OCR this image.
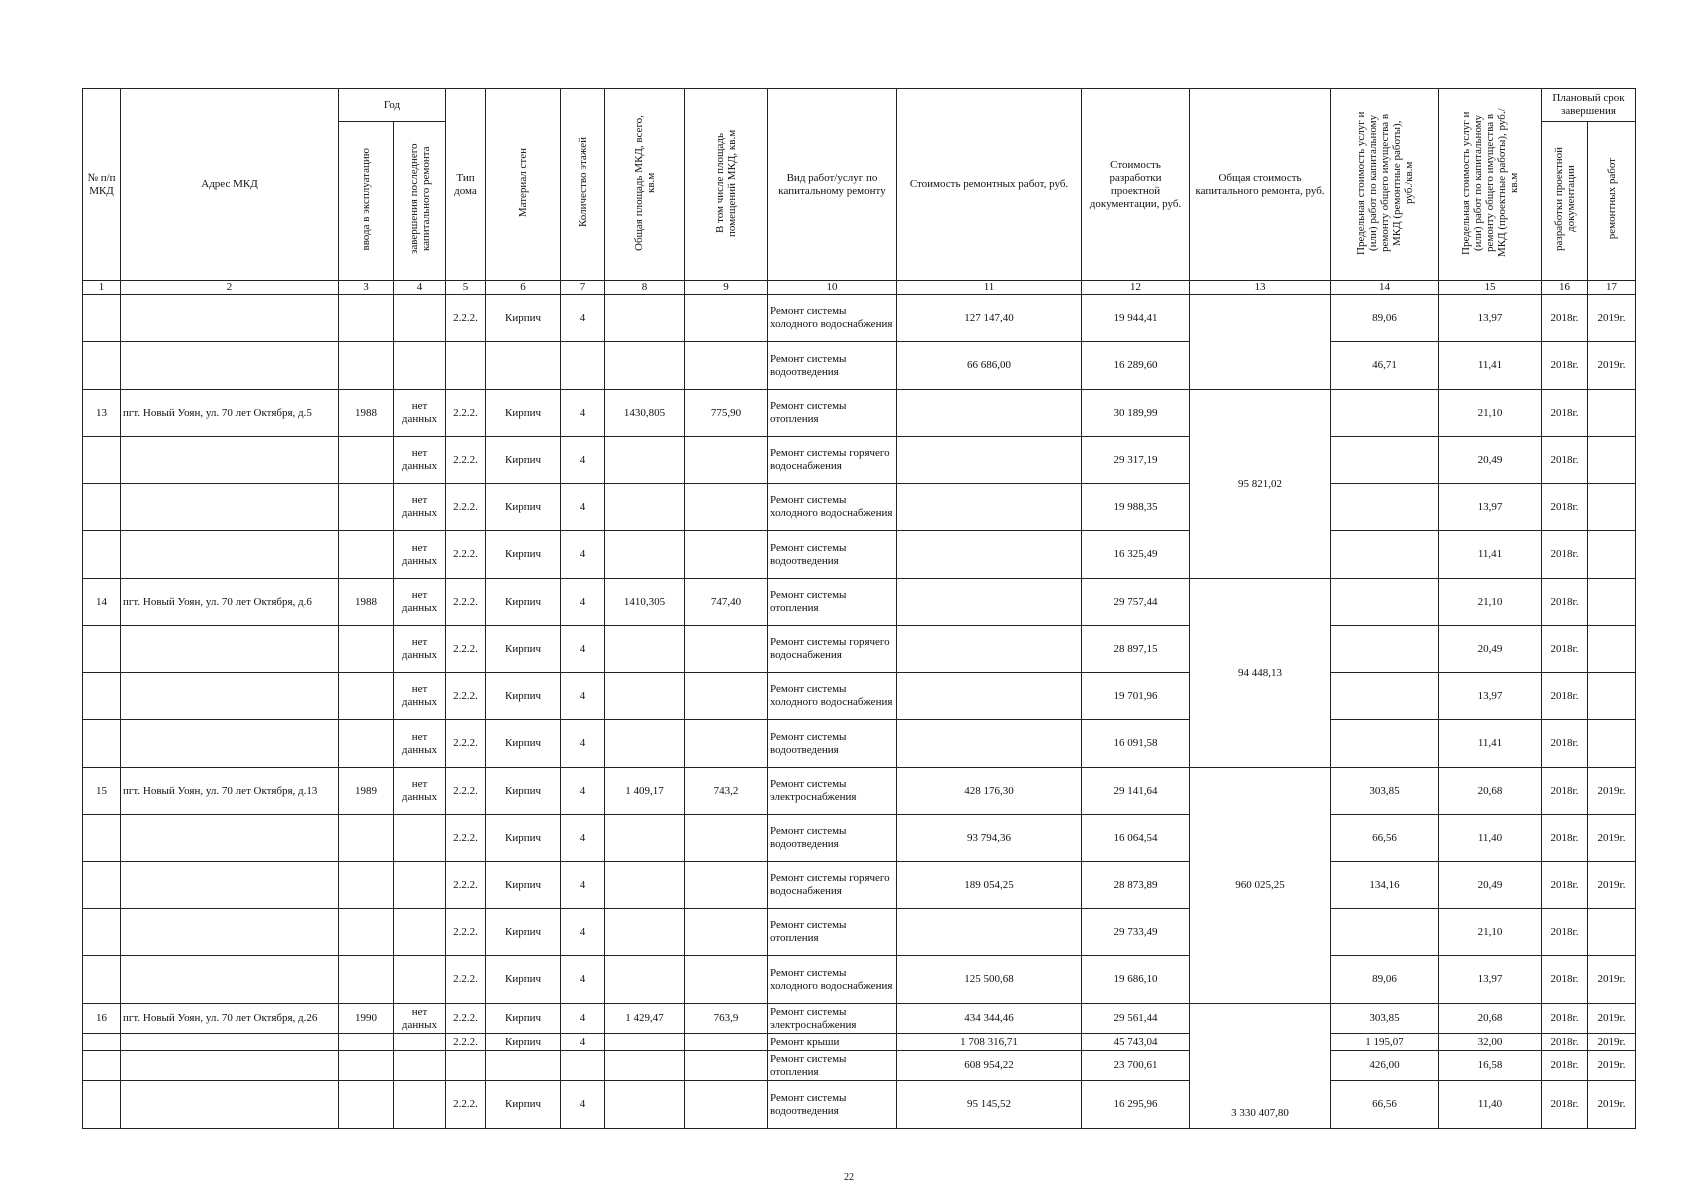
№ п/п МКД	Адрес МКД	Год		Тип дома	Материал стен	Количество этажей	Общая площадь МКД, всего, кв.м	В том числе площадь помещений МКД, кв.м	Вид работ/услуг по капитальному ремонту	Стоимость ремонтных работ, руб.	Стоимость разработки проектной документации, руб.	Общая стоимость капитального ремонта, руб.	Предельная стоимость услуг и (или) работ по капитальному ремонту общего имущества в МКД (ремонтные работы), руб./кв.м	Предельная стоимость услуг и (или) работ по капитальному ремонту общего имущества в МКД (проектные работы), руб./кв.м	Плановый срок завершения	
		ввода в эксплуатацию	завершения последнего капитального ремонта												разработки проектной документации	ремонтных работ
1	2	3	4	5	6	7	8	9	10	11	12	13	14	15	16	17
				2.2.2.	Кирпич	4			Ремонт системы холодного водоснабжения	127 147,40	19 944,41		89,06	13,97	2018г.	2019г.
									Ремонт системы водоотведения	66 686,00	16 289,60		46,71	11,41	2018г.	2019г.
13	пгт. Новый Уоян, ул. 70 лет Октября, д.5	1988	нет данных	2.2.2.	Кирпич	4	1430,805	775,90	Ремонт системы отопления		30 189,99	95 821,02		21,10	2018г.	
			нет данных	2.2.2.	Кирпич	4			Ремонт системы горячего водоснабжения		29 317,19			20,49	2018г.	
			нет данных	2.2.2.	Кирпич	4			Ремонт системы холодного водоснабжения		19 988,35			13,97	2018г.	
			нет данных	2.2.2.	Кирпич	4			Ремонт системы водоотведения		16 325,49			11,41	2018г.	
14	пгт. Новый Уоян, ул. 70 лет Октября, д.6	1988	нет данных	2.2.2.	Кирпич	4	1410,305	747,40	Ремонт системы отопления		29 757,44	94 448,13		21,10	2018г.	
			нет данных	2.2.2.	Кирпич	4			Ремонт системы горячего водоснабжения		28 897,15			20,49	2018г.	
			нет данных	2.2.2.	Кирпич	4			Ремонт системы холодного водоснабжения		19 701,96			13,97	2018г.	
			нет данных	2.2.2.	Кирпич	4			Ремонт системы водоотведения		16 091,58			11,41	2018г.	
15	пгт. Новый Уоян, ул. 70 лет Октября, д.13	1989	нет данных	2.2.2.	Кирпич	4	1 409,17	743,2	Ремонт системы электроснабжения	428 176,30	29 141,64	960 025,25	303,85	20,68	2018г.	2019г.
				2.2.2.	Кирпич	4			Ремонт системы водоотведения	93 794,36	16 064,54		66,56	11,40	2018г.	2019г.
				2.2.2.	Кирпич	4			Ремонт системы горячего водоснабжения	189 054,25	28 873,89		134,16	20,49	2018г.	2019г.
				2.2.2.	Кирпич	4			Ремонт системы отопления		29 733,49			21,10	2018г.	
				2.2.2.	Кирпич	4			Ремонт системы холодного водоснабжения	125 500,68	19 686,10		89,06	13,97	2018г.	2019г.
16	пгт. Новый Уоян, ул. 70 лет Октября, д.26	1990	нет данных	2.2.2.	Кирпич	4	1 429,47	763,9	Ремонт системы электроснабжения	434 344,46	29 561,44	3 330 407,80	303,85	20,68	2018г.	2019г.
				2.2.2.	Кирпич	4			Ремонт крыши	1 708 316,71	45 743,04		1 195,07	32,00	2018г.	2019г.
									Ремонт системы отопления	608 954,22	23 700,61		426,00	16,58	2018г.	2019г.
				2.2.2.	Кирпич	4			Ремонт системы водоотведения	95 145,52	16 295,96		66,56	11,40	2018г.	2019г.
22
